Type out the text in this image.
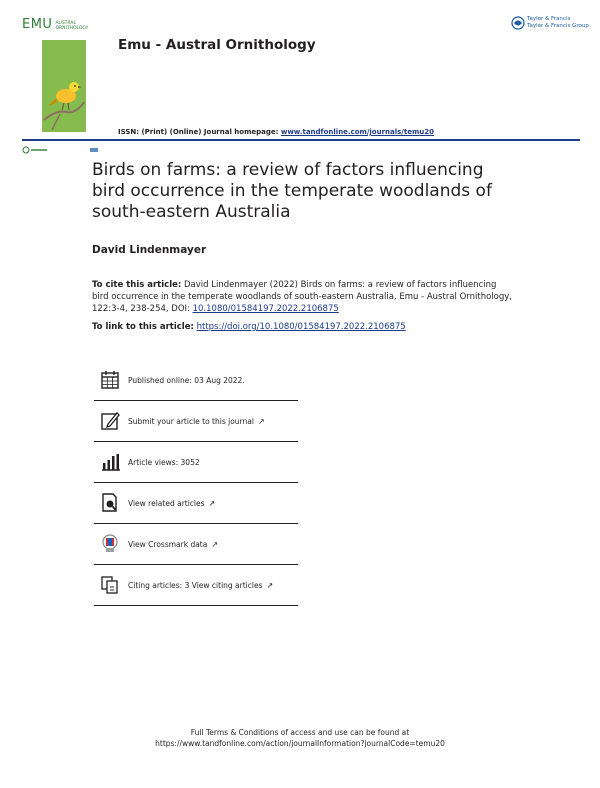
EMU AUSTRAL
ORNITHOLOGY
Emu - Austral Ornithology
Taylor & Francis
Taylor & Francis Group
ISSN: (Print) (Online) Journal homepage: www.tandfonline.com/journals/temu20
Birds on farms: a review of factors influencing bird occurrence in the temperate woodlands of south-eastern Australia
David Lindenmayer
To cite this article: David Lindenmayer (2022) Birds on farms: a review of factors influencing bird occurrence in the temperate woodlands of south-eastern Australia, Emu - Austral Ornithology, 122:3-4, 238-254, DOI: 10.1080/01584197.2022.2106875
To link to this article: https://doi.org/10.1080/01584197.2022.2106875
Published online: 03 Aug 2022.
Submit your article to this journal ↗
Article views: 3052
View related articles ↗
View Crossmark data ↗
Citing articles: 3 View citing articles ↗
Full Terms & Conditions of access and use can be found at
https://www.tandfonline.com/action/journalInformation?journalCode=temu20
